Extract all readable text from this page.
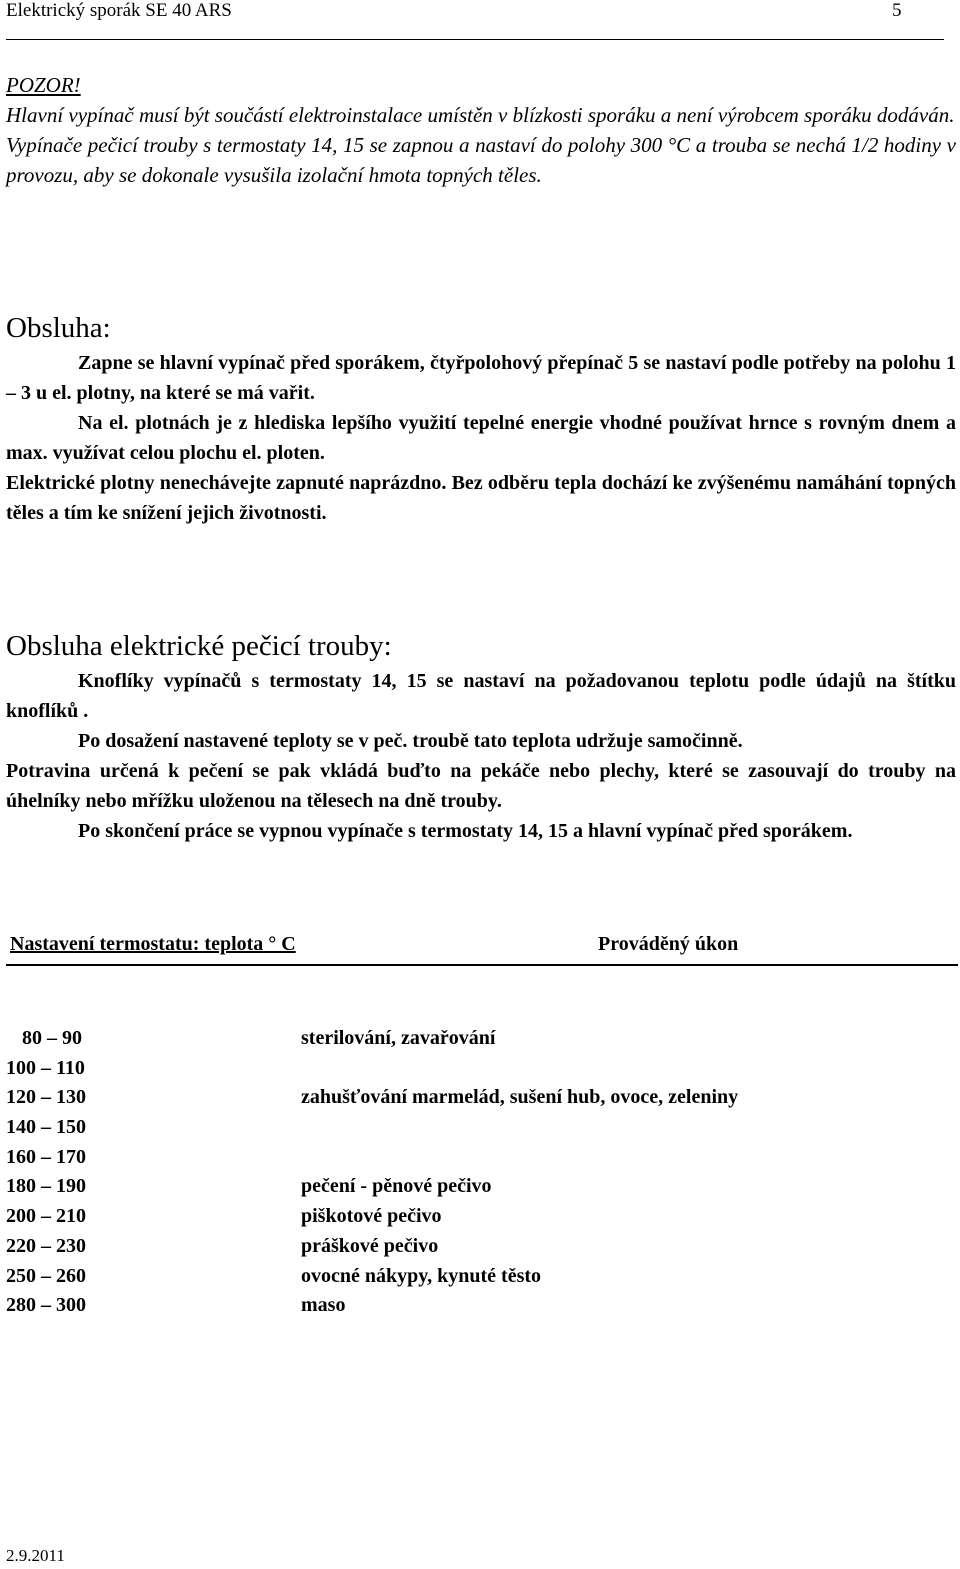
Elektrický sporák SE 40 ARS	5

POZOR!

Hlavní vypínač musí být součástí elektroinstalace umístěn v blízkosti sporáku a není výrobcem sporáku dodáván.

Vypínače pečicí trouby s termostaty 14, 15 se zapnou a nastaví do polohy 300 °C a trouba se nechá 1/2 hodiny v provozu, aby se dokonale vysušila izolační hmota topných těles.

Obsluha:

Zapne se hlavní vypínač před sporákem, čtyřpolohový přepínač 5 se nastaví podle potřeby na polohu 1 – 3 u el. plotny, na které se má vařit.

Na el. plotnách je z hlediska lepšího využití tepelné energie vhodné používat hrnce s rovným dnem a max. využívat celou plochu el. ploten.

Elektrické plotny nenechávejte zapnuté naprázdno. Bez odběru tepla dochází ke zvýšenému namáhání topných těles a tím ke snížení jejich životnosti.

Obsluha elektrické pečicí trouby:

Knoflíky vypínačů s termostaty 14, 15 se nastaví na požadovanou teplotu podle údajů na štítku knoflíků .

Po dosažení nastavené teploty se v peč. troubě tato teplota udržuje samočinně.

Potravina určená k pečení se pak vkládá buďto na pekáče nebo plechy, které se zasouvají do trouby na úhelníky nebo mřížku uloženou na tělesech na dně trouby.

Po skončení práce se vypnou vypínače s termostaty 14, 15 a hlavní vypínač před sporákem.

Nastavení termostatu: teplota ° C	Prováděný úkon
80 – 90	sterilování, zavařování
100 – 110
120 – 130	zahušťování marmelád, sušení hub, ovoce, zeleniny
140 – 150
160 – 170
180 – 190	pečení - pěnové pečivo
200 – 210	piškotové pečivo
220 – 230	práškové pečivo
250 – 260	ovocné nákypy, kynuté těsto
280 – 300	maso
2.9.2011
